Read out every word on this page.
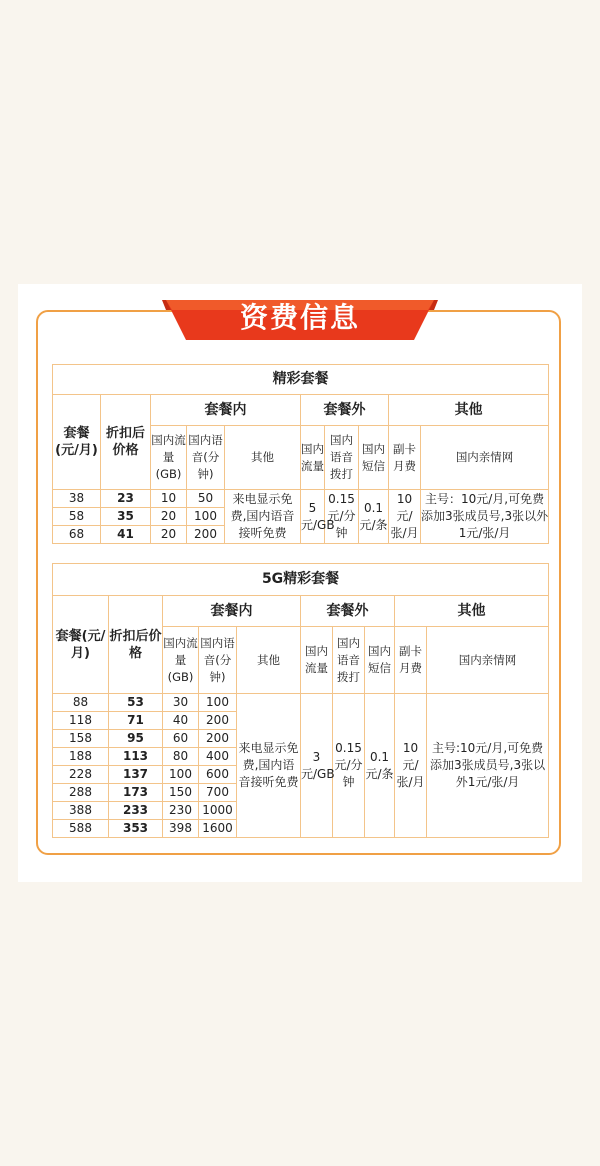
资费信息
精彩套餐									
套餐(元/月)	折扣后价格	套餐内			套餐外			其他	
		国内流量(GB)	国内语音(分钟)	其他	国内流量	国内语音拨打	国内短信	副卡月费	国内亲情网
38	23	10	50	来电显示免费,国内语音接听免费	5元/GB	0.15元/分钟	0.1元/条	10元/张/月	主号：10元/月,可免费添加3张成员号,3张以外1元/张/月
58	35	20	100						
68	41	20	200						
5G精彩套餐									
套餐(元/月)	折扣后价格	套餐内			套餐外			其他	
		国内流量(GB)	国内语音(分钟)	其他	国内流量	国内语音拨打	国内短信	副卡月费	国内亲情网
88	53	30	100	来电显示免费,国内语音接听免费	3元/GB	0.15元/分钟	0.1元/条	10元/张/月	主号:10元/月,可免费添加3张成员号,3张以外1元/张/月
118	71	40	200						
158	95	60	200						
188	113	80	400						
228	137	100	600						
288	173	150	700						
388	233	230	1000						
588	353	398	1600						
